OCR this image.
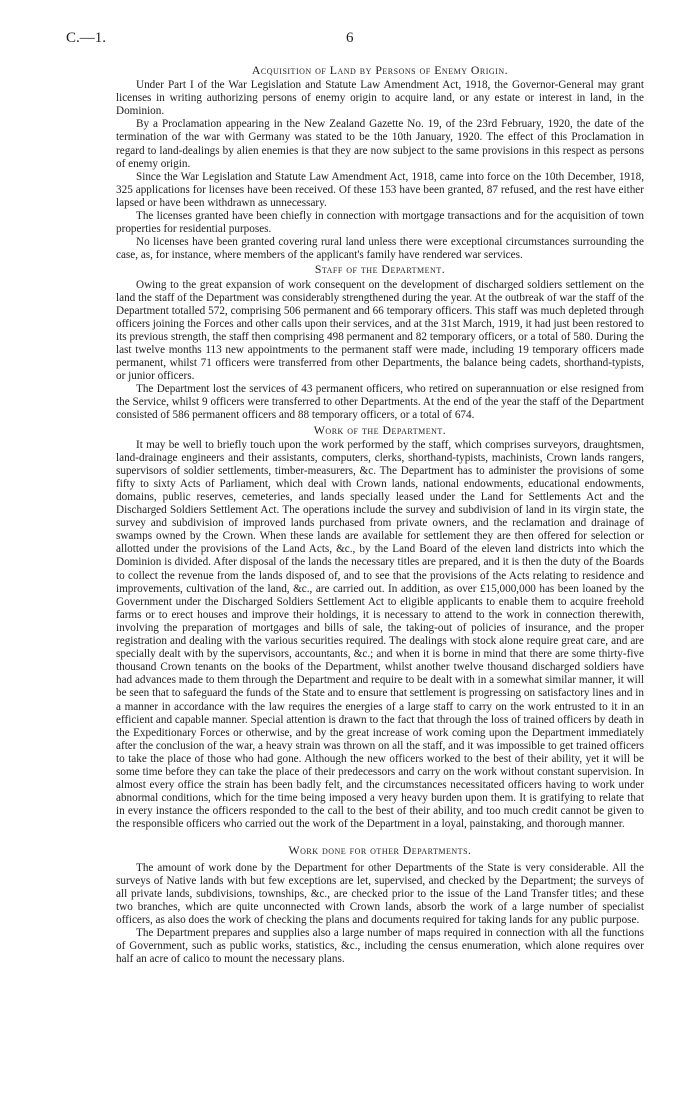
C.—1.	6
Acquisition of Land by Persons of Enemy Origin.

Under Part I of the War Legislation and Statute Law Amendment Act, 1918, the Governor-General may grant licenses in writing authorizing persons of enemy origin to acquire land, or any estate or interest in land, in the Dominion.

By a Proclamation appearing in the New Zealand Gazette No. 19, of the 23rd February, 1920, the date of the termination of the war with Germany was stated to be the 10th January, 1920. The effect of this Proclamation in regard to land-dealings by alien enemies is that they are now subject to the same provisions in this respect as persons of enemy origin.

Since the War Legislation and Statute Law Amendment Act, 1918, came into force on the 10th December, 1918, 325 applications for licenses have been received. Of these 153 have been granted, 87 refused, and the rest have either lapsed or have been withdrawn as unnecessary.

The licenses granted have been chiefly in connection with mortgage transactions and for the acquisition of town properties for residential purposes.

No licenses have been granted covering rural land unless there were exceptional circumstances surrounding the case, as, for instance, where members of the applicant's family have rendered war services.

Staff of the Department.

Owing to the great expansion of work consequent on the development of discharged soldiers settlement on the land the staff of the Department was considerably strengthened during the year. At the outbreak of war the staff of the Department totalled 572, comprising 506 permanent and 66 temporary officers. This staff was much depleted through officers joining the Forces and other calls upon their services, and at the 31st March, 1919, it had just been restored to its previous strength, the staff then comprising 498 permanent and 82 temporary officers, or a total of 580. During the last twelve months 113 new appointments to the permanent staff were made, including 19 temporary officers made permanent, whilst 71 officers were transferred from other Departments, the balance being cadets, shorthand-typists, or junior officers.

The Department lost the services of 43 permanent officers, who retired on superannuation or else resigned from the Service, whilst 9 officers were transferred to other Departments. At the end of the year the staff of the Department consisted of 586 permanent officers and 88 temporary officers, or a total of 674.

Work of the Department.

It may be well to briefly touch upon the work performed by the staff, which comprises surveyors, draughtsmen, land-drainage engineers and their assistants, computers, clerks, shorthand-typists, machinists, Crown lands rangers, supervisors of soldier settlements, timber-measurers, &c. The Department has to administer the provisions of some fifty to sixty Acts of Parliament, which deal with Crown lands, national endowments, educational endowments, domains, public reserves, cemeteries, and lands specially leased under the Land for Settlements Act and the Discharged Soldiers Settlement Act. The operations include the survey and subdivision of land in its virgin state, the survey and subdivision of improved lands purchased from private owners, and the reclamation and drainage of swamps owned by the Crown. When these lands are available for settlement they are then offered for selection or allotted under the provisions of the Land Acts, &c., by the Land Board of the eleven land districts into which the Dominion is divided. After disposal of the lands the necessary titles are prepared, and it is then the duty of the Boards to collect the revenue from the lands disposed of, and to see that the provisions of the Acts relating to residence and improvements, cultivation of the land, &c., are carried out. In addition, as over £15,000,000 has been loaned by the Government under the Discharged Soldiers Settlement Act to eligible applicants to enable them to acquire freehold farms or to erect houses and improve their holdings, it is necessary to attend to the work in connection therewith, involving the preparation of mortgages and bills of sale, the taking-out of policies of insurance, and the proper registration and dealing with the various securities required. The dealings with stock alone require great care, and are specially dealt with by the supervisors, accountants, &c.; and when it is borne in mind that there are some thirty-five thousand Crown tenants on the books of the Department, whilst another twelve thousand discharged soldiers have had advances made to them through the Department and require to be dealt with in a somewhat similar manner, it will be seen that to safeguard the funds of the State and to ensure that settlement is progressing on satisfactory lines and in a manner in accordance with the law requires the energies of a large staff to carry on the work entrusted to it in an efficient and capable manner. Special attention is drawn to the fact that through the loss of trained officers by death in the Expeditionary Forces or otherwise, and by the great increase of work coming upon the Department immediately after the conclusion of the war, a heavy strain was thrown on all the staff, and it was impossible to get trained officers to take the place of those who had gone. Although the new officers worked to the best of their ability, yet it will be some time before they can take the place of their predecessors and carry on the work without constant supervision. In almost every office the strain has been badly felt, and the circumstances necessitated officers having to work under abnormal conditions, which for the time being imposed a very heavy burden upon them. It is gratifying to relate that in every instance the officers responded to the call to the best of their ability, and too much credit cannot be given to the responsible officers who carried out the work of the Department in a loyal, painstaking, and thorough manner.

Work done for other Departments.

The amount of work done by the Department for other Departments of the State is very considerable. All the surveys of Native lands with but few exceptions are let, supervised, and checked by the Department; the surveys of all private lands, subdivisions, townships, &c., are checked prior to the issue of the Land Transfer titles; and these two branches, which are quite unconnected with Crown lands, absorb the work of a large number of specialist officers, as also does the work of checking the plans and documents required for taking lands for any public purpose.

The Department prepares and supplies also a large number of maps required in connection with all the functions of Government, such as public works, statistics, &c., including the census enumeration, which alone requires over half an acre of calico to mount the necessary plans.
